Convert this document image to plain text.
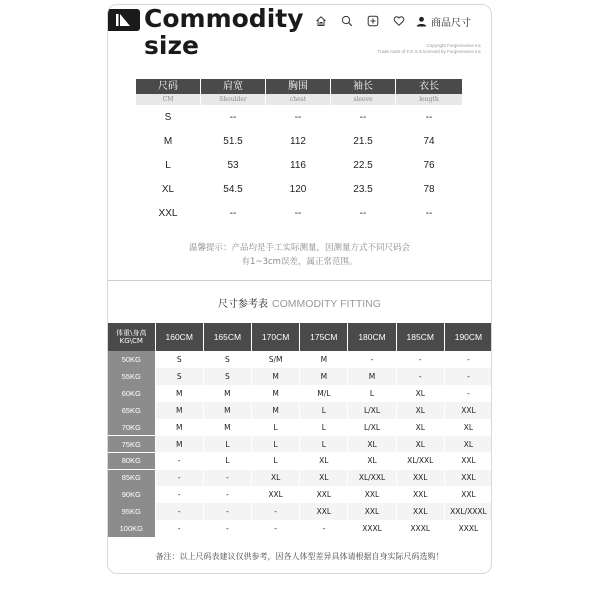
Commodity
size
商品尺寸
Copyright Forgivenesss Inc
Trade mark of F.G.S.S licensed by Forgivenesss Inc
尺码	肩宽	胸围	袖长	衣长
CM	Shoulder	chest	sleeve	length
S	--	--	--	--
M	51.5	112	21.5	74
L	53	116	22.5	76
XL	54.5	120	23.5	78
XXL	--	--	--	--
温馨提示：产品均是手工实际测量，因测量方式不同尺码会
有1~3cm误差，属正常范围。
尺寸参考表 COMMODITY FITTING
体重\身高
KG\CM	160CM	165CM	170CM	175CM	180CM	185CM	190CM
50KG	S	S	S/M	M	-	-	-
55KG	S	S	M	M	M	-	-
60KG	M	M	M	M/L	L	XL	-
65KG	M	M	M	L	L/XL	XL	XXL
70KG	M	M	L	L	L/XL	XL	XL
75KG	M	L	L	L	XL	XL	XL
80KG	-	L	L	XL	XL	XL/XXL	XXL
85KG	-	-	XL	XL	XL/XXL	XXL	XXL
90KG	-	-	XXL	XXL	XXL	XXL	XXL
95KG	-	-	-	XXL	XXL	XXL	XXL/XXXL
100KG	-	-	-	-	XXXL	XXXL	XXXL
备注：以上尺码表建议仅供参考，因各人体型差异具体请根据自身实际尺码选购！
